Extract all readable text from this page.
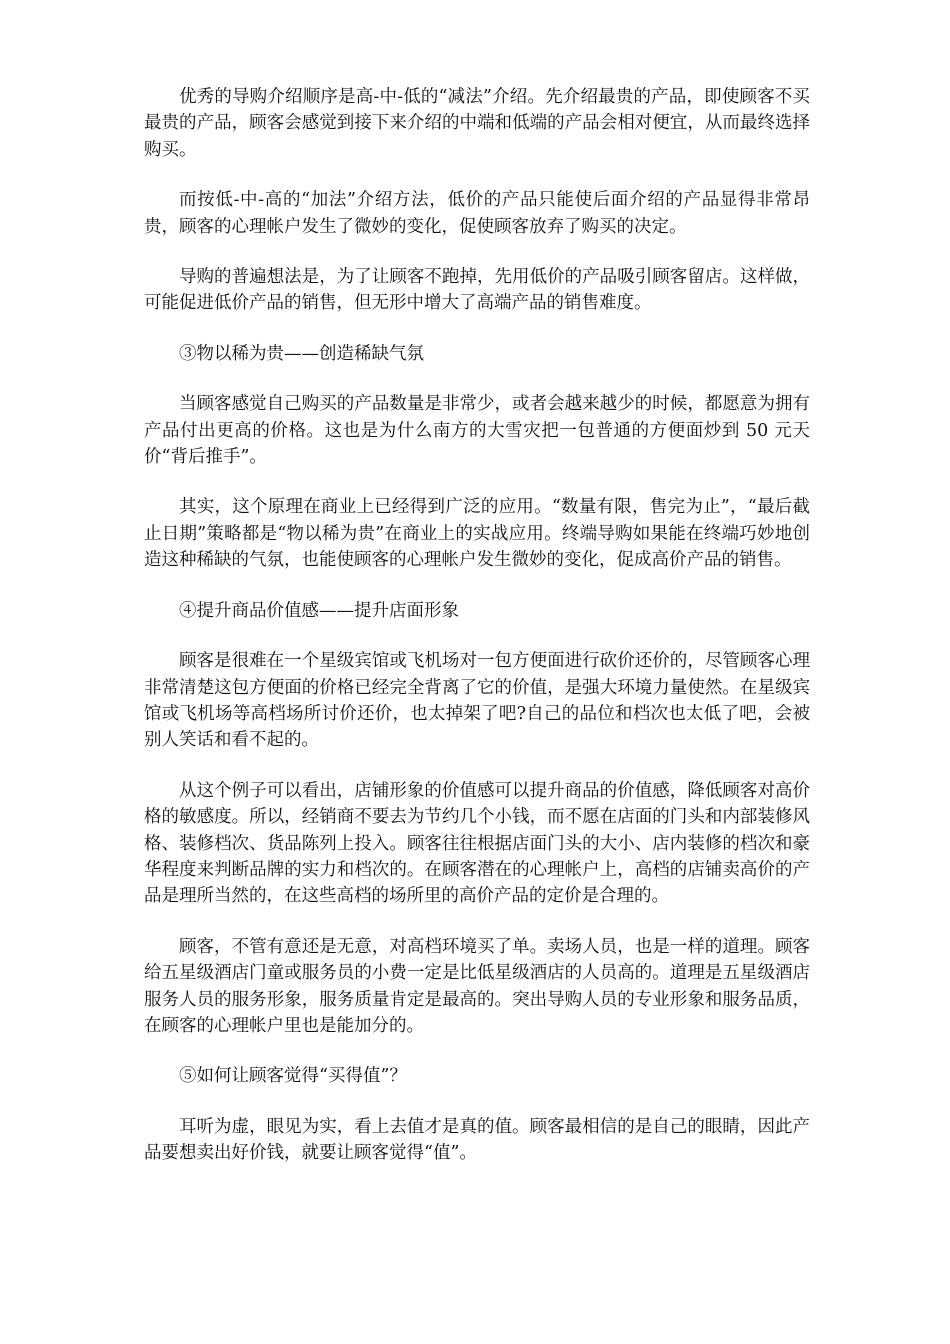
优秀的导购介绍顺序是高-中-低的“减法”介绍。先介绍最贵的产品，即使顾客不买最贵的产品，顾客会感觉到接下来介绍的中端和低端的产品会相对便宜，从而最终选择购买。

而按低-中-高的“加法”介绍方法，低价的产品只能使后面介绍的产品显得非常昂贵，顾客的心理帐户发生了微妙的变化，促使顾客放弃了购买的决定。

导购的普遍想法是，为了让顾客不跑掉，先用低价的产品吸引顾客留店。这样做，可能促进低价产品的销售，但无形中增大了高端产品的销售难度。

③物以稀为贵——创造稀缺气氛

当顾客感觉自己购买的产品数量是非常少，或者会越来越少的时候，都愿意为拥有产品付出更高的价格。这也是为什么南方的大雪灾把一包普通的方便面炒到 50 元天价“背后推手”。

其实，这个原理在商业上已经得到广泛的应用。“数量有限，售完为止”，“最后截止日期”策略都是“物以稀为贵”在商业上的实战应用。终端导购如果能在终端巧妙地创造这种稀缺的气氛，也能使顾客的心理帐户发生微妙的变化，促成高价产品的销售。

④提升商品价值感——提升店面形象

顾客是很难在一个星级宾馆或飞机场对一包方便面进行砍价还价的，尽管顾客心理非常清楚这包方便面的价格已经完全背离了它的价值，是强大环境力量使然。在星级宾馆或飞机场等高档场所讨价还价，也太掉架了吧?自己的品位和档次也太低了吧，会被别人笑话和看不起的。

从这个例子可以看出，店铺形象的价值感可以提升商品的价值感，降低顾客对高价格的敏感度。所以，经销商不要去为节约几个小钱，而不愿在店面的门头和内部装修风格、装修档次、货品陈列上投入。顾客往往根据店面门头的大小、店内装修的档次和豪华程度来判断品牌的实力和档次的。在顾客潜在的心理帐户上，高档的店铺卖高价的产品是理所当然的，在这些高档的场所里的高价产品的定价是合理的。

顾客，不管有意还是无意，对高档环境买了单。卖场人员，也是一样的道理。顾客给五星级酒店门童或服务员的小费一定是比低星级酒店的人员高的。道理是五星级酒店服务人员的服务形象，服务质量肯定是最高的。突出导购人员的专业形象和服务品质，在顾客的心理帐户里也是能加分的。

⑤如何让顾客觉得“买得值”？

耳听为虚，眼见为实，看上去值才是真的值。顾客最相信的是自己的眼睛，因此产品要想卖出好价钱，就要让顾客觉得“值”。
